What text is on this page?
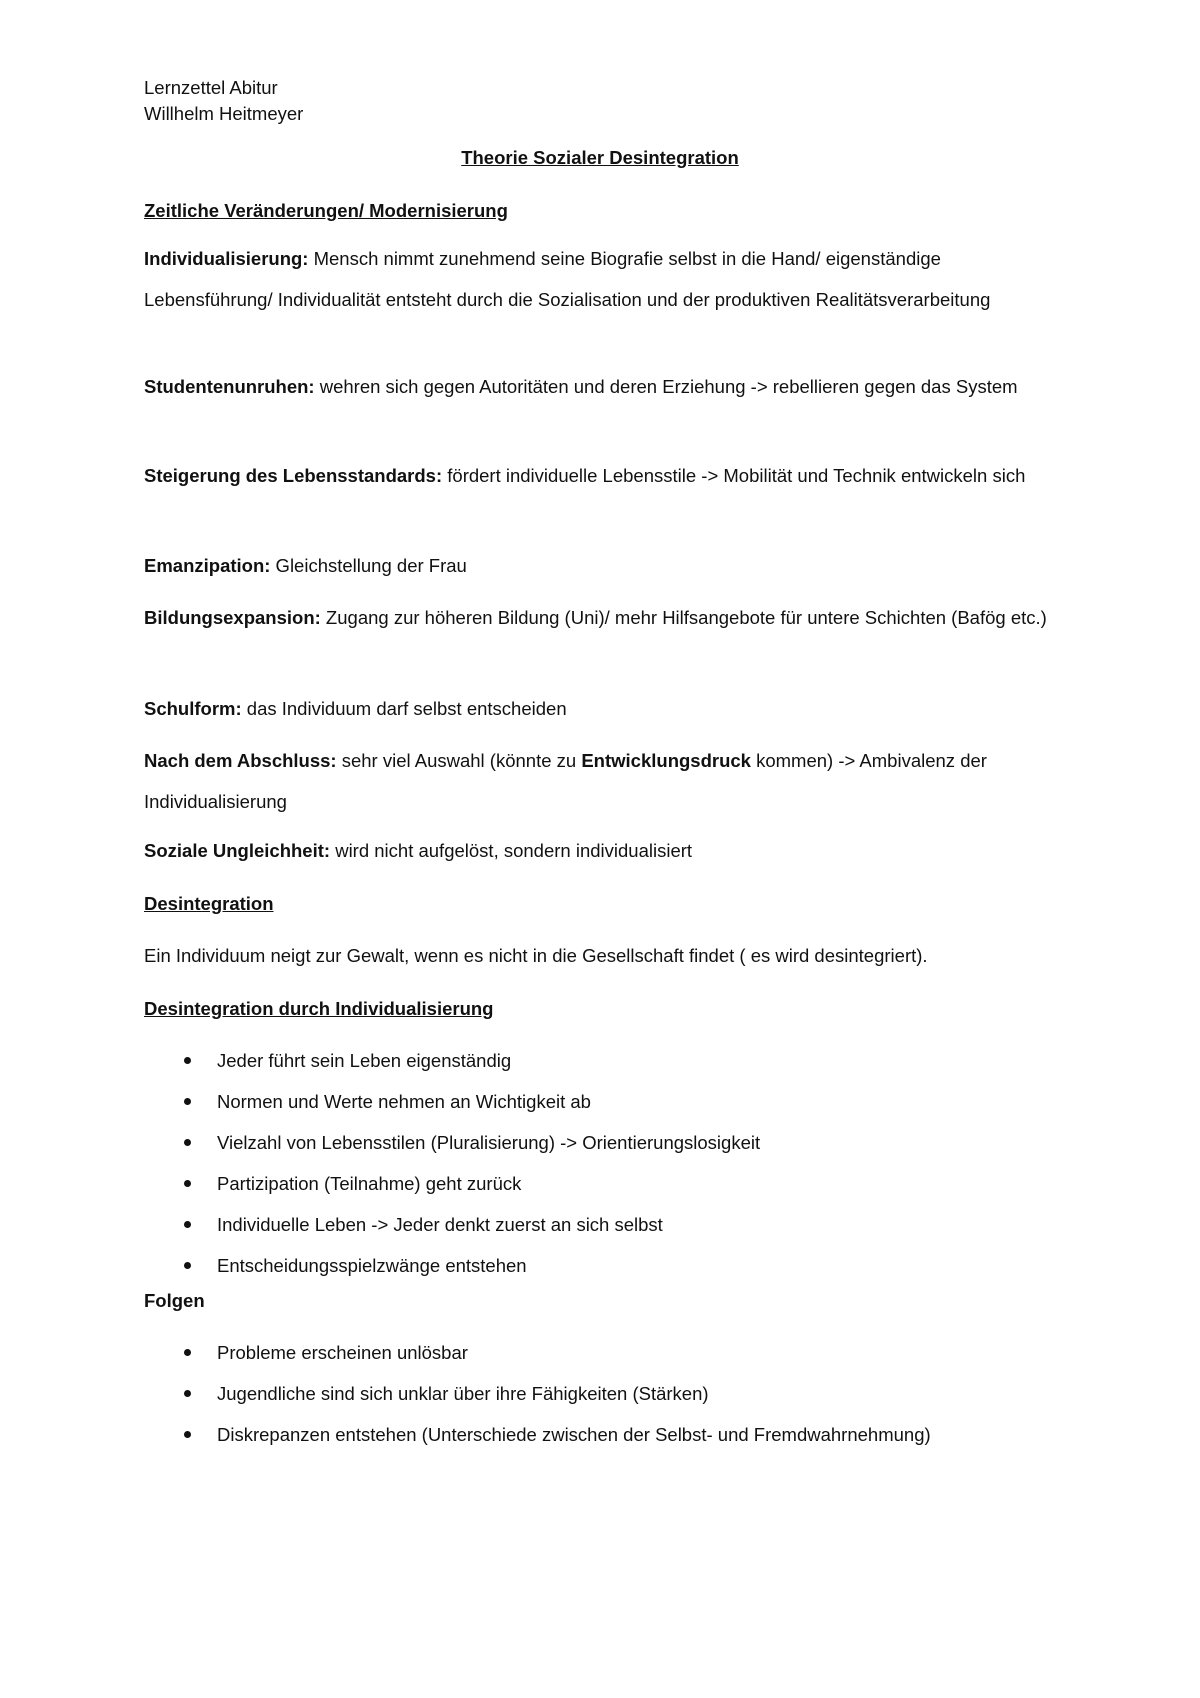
Lernzettel Abitur
Willhelm Heitmeyer
Theorie Sozialer Desintegration
Zeitliche Veränderungen/ Modernisierung
Individualisierung: Mensch nimmt zunehmend seine Biografie selbst in die Hand/ eigenständige Lebensführung/ Individualität entsteht durch die Sozialisation und der produktiven Realitätsverarbeitung
Studentenunruhen: wehren sich gegen Autoritäten und deren Erziehung -> rebellieren gegen das System
Steigerung des Lebensstandards: fördert individuelle Lebensstile -> Mobilität und Technik entwickeln sich
Emanzipation: Gleichstellung der Frau
Bildungsexpansion: Zugang zur höheren Bildung (Uni)/ mehr Hilfsangebote für untere Schichten (Bafög etc.)
Schulform: das Individuum darf selbst entscheiden
Nach dem Abschluss: sehr viel Auswahl (könnte zu Entwicklungsdruck kommen) -> Ambivalenz der Individualisierung
Soziale Ungleichheit: wird nicht aufgelöst, sondern individualisiert
Desintegration
Ein Individuum neigt zur Gewalt, wenn es nicht in die Gesellschaft findet ( es wird desintegriert).
Desintegration durch Individualisierung
Jeder führt sein Leben eigenständig
Normen und Werte nehmen an Wichtigkeit ab
Vielzahl von Lebensstilen (Pluralisierung) -> Orientierungslosigkeit
Partizipation (Teilnahme) geht zurück
Individuelle Leben -> Jeder denkt zuerst an sich selbst
Entscheidungsspielzwänge entstehen
Folgen
Probleme erscheinen unlösbar
Jugendliche sind sich unklar über ihre Fähigkeiten (Stärken)
Diskrepanzen entstehen (Unterschiede zwischen der Selbst- und Fremdwahrnehmung)
